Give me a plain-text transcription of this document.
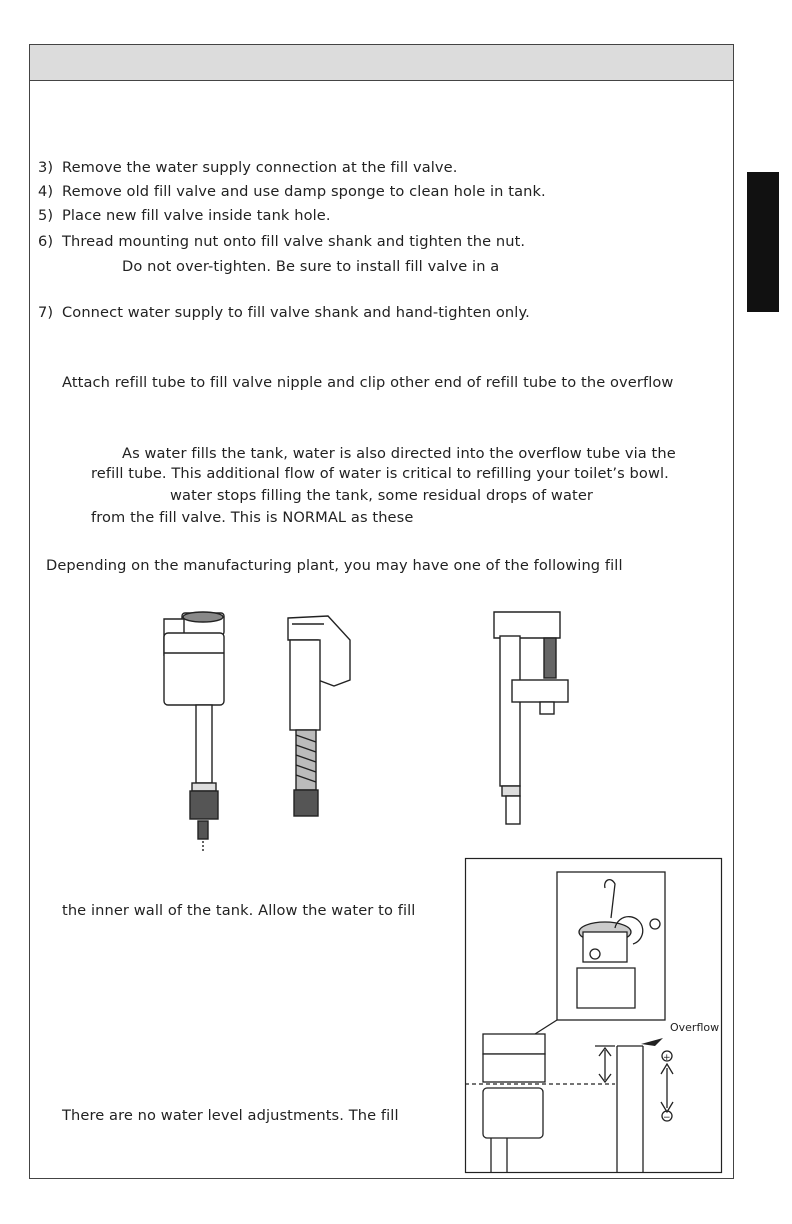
3) Remove the water supply connection at the fill valve.
4) Remove old fill valve and use damp sponge to clean hole in tank.
5) Place new fill valve inside tank hole.
6) Thread mounting nut onto fill valve shank and tighten the nut.
Do not over-tighten. Be sure to install fill valve in a
7) Connect water supply to fill valve shank and hand-tighten only.
Attach refill tube to fill valve nipple and clip other end of refill tube to the overflow
As water fills the tank, water is also directed into the overflow tube via the
refill tube. This additional flow of water is critical to refilling your toilet’s bowl.
water stops filling the tank, some residual drops of water
from the fill valve. This is NORMAL as these
Depending on the manufacturing plant, you may have one of the following fill
the inner wall of the tank. Allow the water to fill
There are no water level adjustments. The fill
Overflow
+
−
